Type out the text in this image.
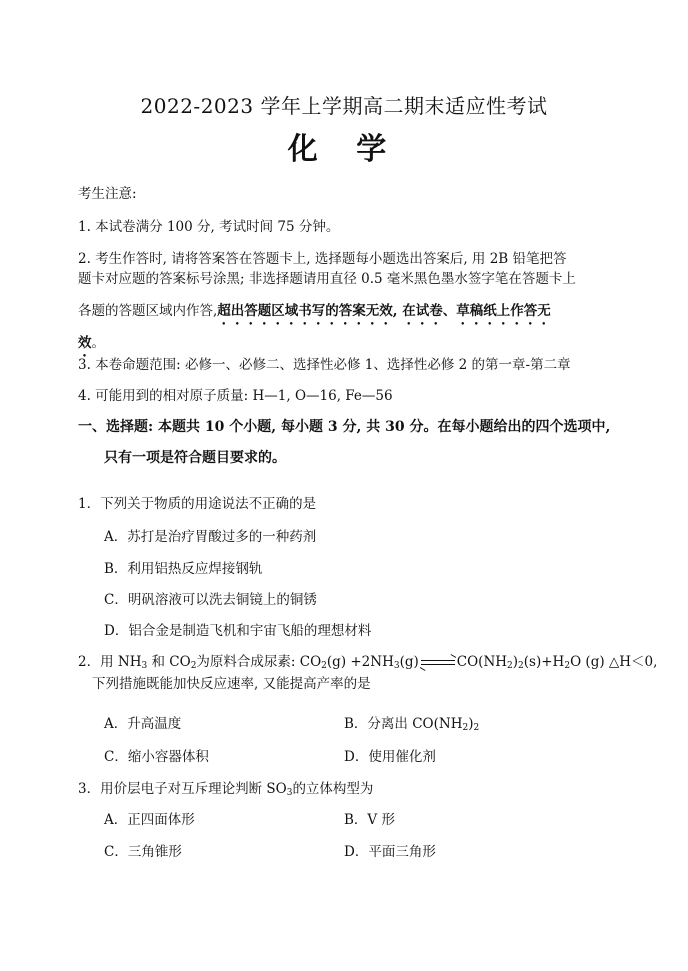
2022-2023 学年上学期高二期末适应性考试
化 学
考生注意:
1. 本试卷满分 100 分, 考试时间 75 分钟。
2. 考生作答时, 请将答案答在答题卡上, 选择题每小题选出答案后, 用 2B 铅笔把答
题卡对应题的答案标号涂黑; 非选择题请用直径 0.5 毫米黑色墨水签字笔在答题卡上
各题的答题区域内作答,超出答题区域书写的答案无效, 在试卷、草稿纸上作答无
效。
3. 本卷命题范围: 必修一、必修二、选择性必修 1、选择性必修 2 的第一章-第二章
4. 可能用到的相对原子质量: H—1, O—16, Fe—56
一、选择题: 本题共 10 个小题, 每小题 3 分, 共 30 分。在每小题给出的四个选项中,
只有一项是符合题目要求的。
1．下列关于物质的用途说法不正确的是
A．苏打是治疗胃酸过多的一种药剂
B．利用铝热反应焊接钢轨
C．明矾溶液可以洗去铜镜上的铜锈
D．铝合金是制造飞机和宇宙飞船的理想材料
2．用 $NH_3$ 和 $CO_2$为原料合成尿素: $CO_2(g) +2NH_3(g)$	$CO(NH_2)_2(s)+H_2O$ (g) △H＜0,
下列措施既能加快反应速率, 又能提高产率的是
A．升高温度	B．分离出 $CO(NH_2)_2$
C．缩小容器体积	D．使用催化剂
3．用价层电子对互斥理论判断 $SO_3$的立体构型为
A．正四面体形	B．V 形
C．三角锥形	D．平面三角形
